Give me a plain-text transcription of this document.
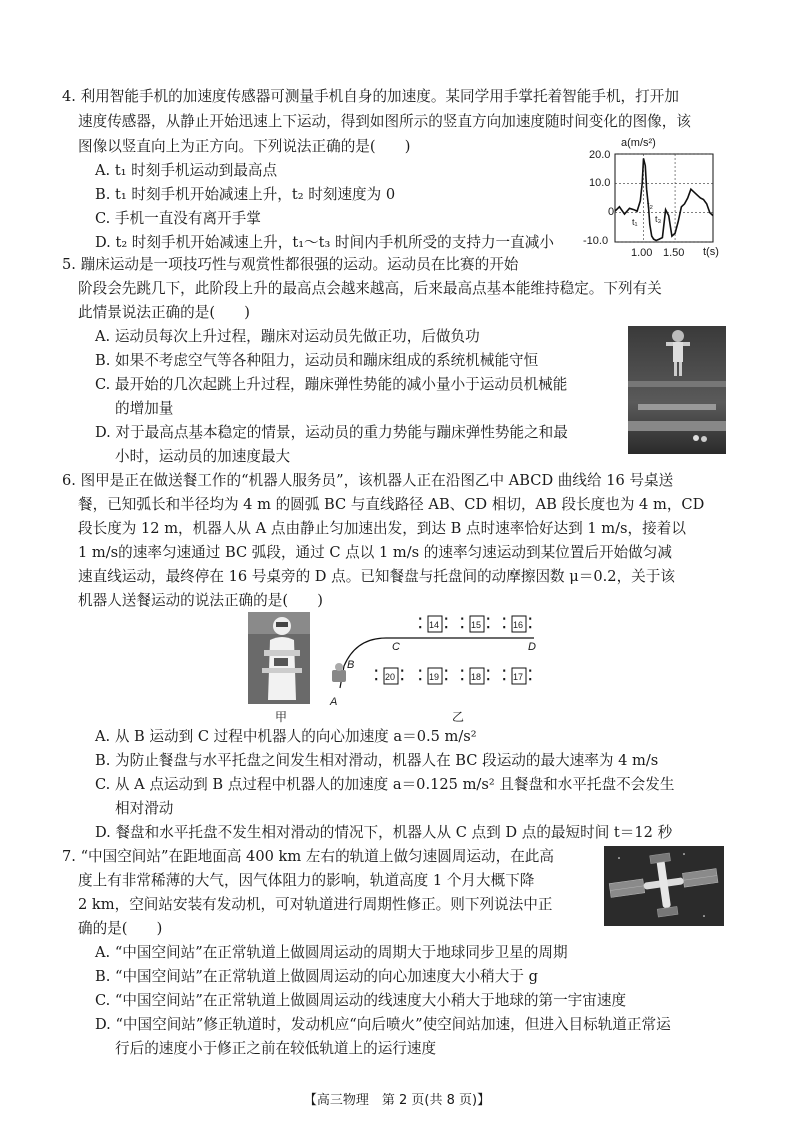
4. 利用智能手机的加速度传感器可测量手机自身的加速度。某同学用手掌托着智能手机，打开加
速度传感器，从静止开始迅速上下运动，得到如图所示的竖直方向加速度随时间变化的图像，该
图像以竖直向上为正方向。下列说法正确的是(　　)
A. t₁ 时刻手机运动到最高点
B. t₁ 时刻手机开始减速上升，t₂ 时刻速度为 0
C. 手机一直没有离开手掌
D. t₂ 时刻手机开始减速上升，t₁～t₃ 时间内手机所受的支持力一直减小
a(m/s²)
t(s)
20.0
10.0
0
-10.0
1.00 1.50
t₁
t₂
t₃
5. 蹦床运动是一项技巧性与观赏性都很强的运动。运动员在比赛的开始
阶段会先跳几下，此阶段上升的最高点会越来越高，后来最高点基本能维持稳定。下列有关
此情景说法正确的是(　　)
A. 运动员每次上升过程，蹦床对运动员先做正功，后做负功
B. 如果不考虑空气等各种阻力，运动员和蹦床组成的系统机械能守恒
C. 最开始的几次起跳上升过程，蹦床弹性势能的减小量小于运动员机械能
的增加量
D. 对于最高点基本稳定的情景，运动员的重力势能与蹦床弹性势能之和最
小时，运动员的加速度最大
6. 图甲是正在做送餐工作的“机器人服务员”，该机器人正在沿图乙中 ABCD 曲线给 16 号桌送
餐，已知弧长和半径均为 4 m 的圆弧 BC 与直线路径 AB、CD 相切，AB 段长度也为 4 m，CD
段长度为 12 m，机器人从 A 点由静止匀加速出发，到达 B 点时速率恰好达到 1 m/s，接着以
1 m/s的速率匀速通过 BC 弧段，通过 C 点以 1 m/s 的速率匀速运动到某位置后开始做匀减
速直线运动，最终停在 16 号桌旁的 D 点。已知餐盘与托盘间的动摩擦因数 μ＝0.2，关于该
机器人送餐运动的说法正确的是(　　)
甲
A
B
C	D
⁚ 14 ⁚ ⁚ 15 ⁚ ⁚ 16 ⁚
⁚ 20 ⁚ ⁚ 19 ⁚ ⁚ 18 ⁚ ⁚ 17 ⁚
乙
A. 从 B 运动到 C 过程中机器人的向心加速度 a＝0.5 m/s²
B. 为防止餐盘与水平托盘之间发生相对滑动，机器人在 BC 段运动的最大速率为 4 m/s
C. 从 A 点运动到 B 点过程中机器人的加速度 a＝0.125 m/s² 且餐盘和水平托盘不会发生
相对滑动
D. 餐盘和水平托盘不发生相对滑动的情况下，机器人从 C 点到 D 点的最短时间 t＝12 秒
7. “中国空间站”在距地面高 400 km 左右的轨道上做匀速圆周运动，在此高
度上有非常稀薄的大气，因气体阻力的影响，轨道高度 1 个月大概下降
2 km，空间站安装有发动机，可对轨道进行周期性修正。则下列说法中正
确的是(　　)
A. “中国空间站”在正常轨道上做圆周运动的周期大于地球同步卫星的周期
B. “中国空间站”在正常轨道上做圆周运动的向心加速度大小稍大于 g
C. “中国空间站”在正常轨道上做圆周运动的线速度大小稍大于地球的第一宇宙速度
D. “中国空间站”修正轨道时，发动机应“向后喷火”使空间站加速，但进入目标轨道正常运
行后的速度小于修正之前在较低轨道上的运行速度
【高三物理　第 2 页(共 8 页)】
